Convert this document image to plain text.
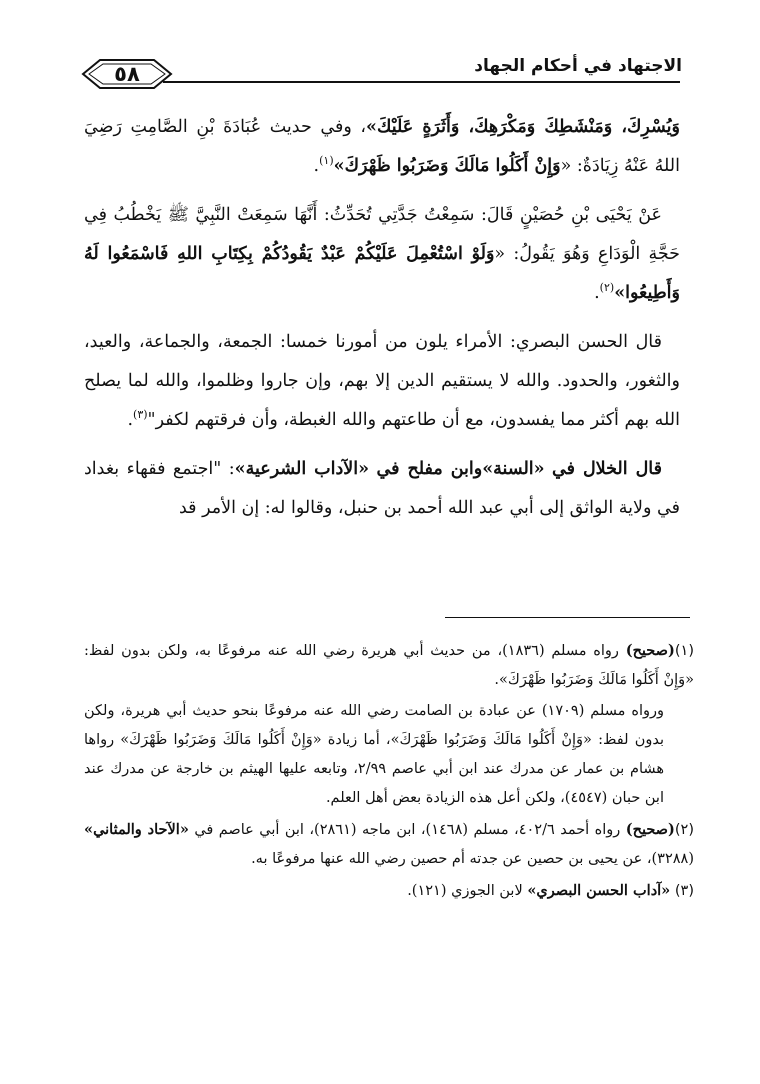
الاجتهاد في أحكام الجهاد
٥٨

وَيُسْرِكَ، وَمَنْشَطِكَ وَمَكْرَهِكَ، وَأَثَرَةٍ عَلَيْكَ»، وفي حديث عُبَادَةَ بْنِ الصَّامِتِ رَضِيَ اللهُ عَنْهُ زِيَادَةٌ: «وَإِنْ أَكَلُوا مَالَكَ وَضَرَبُوا ظَهْرَكَ»$^{(١)}$.

عَنْ يَحْيَى بْنِ حُصَيْنٍ قَالَ: سَمِعْتُ جَدَّتِي تُحَدِّثُ: أَنَّهَا سَمِعَتْ النَّبِيَّ ﷺ يَخْطُبُ فِي حَجَّةِ الْوَدَاعِ وَهُوَ يَقُولُ: «وَلَوْ اسْتُعْمِلَ عَلَيْكُمْ عَبْدٌ يَقُودُكُمْ بِكِتَابِ اللهِ فَاسْمَعُوا لَهُ وَأَطِيعُوا»$^{(٢)}$.

قال الحسن البصري: الأمراء يلون من أمورنا خمسا: الجمعة، والجماعة، والعيد، والثغور، والحدود. والله لا يستقيم الدين إلا بهم، وإن جاروا وظلموا، والله لما يصلح الله بهم أكثر مما يفسدون، مع أن طاعتهم والله الغبطة، وأن فرقتهم لكفر"$^{(٣)}$.

قال الخلال في «السنة»وابن مفلح في «الآداب الشرعية»: "اجتمع فقهاء بغداد في ولاية الواثق إلى أبي عبد الله أحمد بن حنبل، وقالوا له: إن الأمر قد

(١)(صحيح) رواه مسلم (١٨٣٦)، من حديث أبي هريرة رضي الله عنه مرفوعًا به، ولكن بدون لفظ: «وَإِنْ أَكَلُوا مَالَكَ وَضَرَبُوا ظَهْرَكَ».

ورواه مسلم (١٧٠٩) عن عبادة بن الصامت رضي الله عنه مرفوعًا بنحو حديث أبي هريرة، ولكن بدون لفظ: «وَإِنْ أَكَلُوا مَالَكَ وَضَرَبُوا ظَهْرَكَ»، أما زيادة «وَإِنْ أَكَلُوا مَالَكَ وَضَرَبُوا ظَهْرَكَ» رواها هشام بن عمار عن مدرك عند ابن أبي عاصم ٢/٩٩، وتابعه عليها الهيثم بن خارجة عن مدرك عند ابن حبان (٤٥٤٧)، ولكن أعل هذه الزيادة بعض أهل العلم.

(٢)(صحيح) رواه أحمد ٤٠٢/٦، مسلم (١٤٦٨)، ابن ماجه (٢٨٦١)، ابن أبي عاصم في «الآحاد والمثاني» (٣٢٨٨)، عن يحيى بن حصين عن جدته أم حصين رضي الله عنها مرفوعًا به.

(٣) «آداب الحسن البصري» لابن الجوزي (١٢١).
